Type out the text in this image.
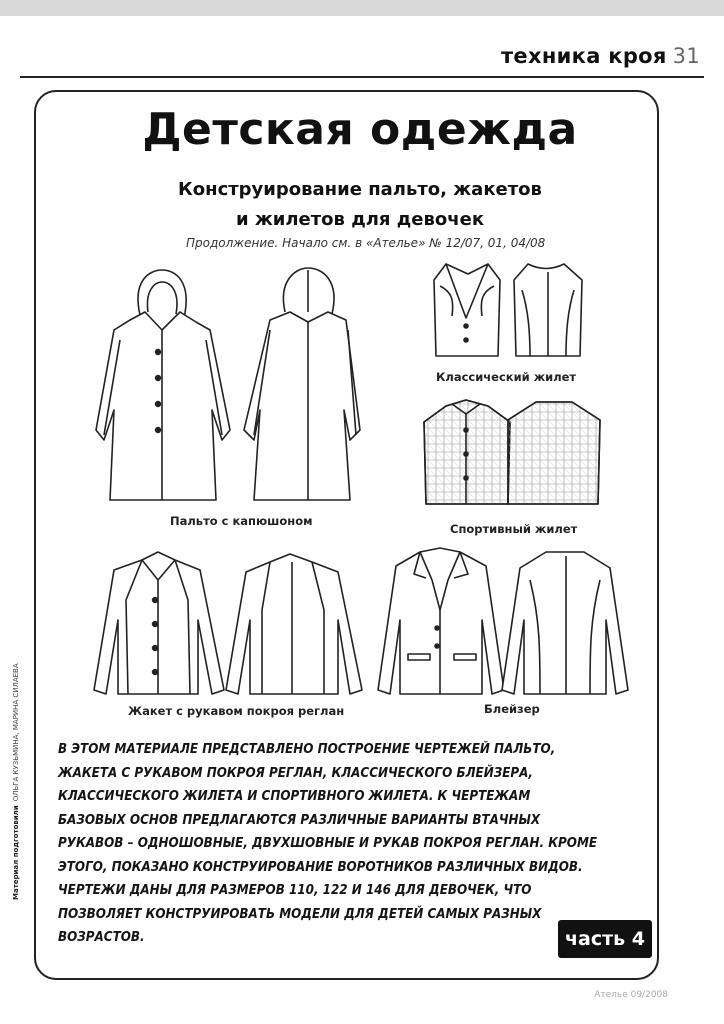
техника кроя 31
Детская одежда
Конструирование пальто, жакетов
и жилетов для девочек
Продолжение. Начало см. в «Ателье» № 12/07, 01, 04/08
Пальто с капюшоном
Классический жилет
Спортивный жилет
Жакет с рукавом покроя реглан	Блейзер
В ЭТОМ МАТЕРИАЛЕ ПРЕДСТАВЛЕНО ПОСТРОЕНИЕ ЧЕРТЕЖЕЙ ПАЛЬТО, ЖАКЕТА С РУКАВОМ ПОКРОЯ РЕГЛАН, КЛАССИЧЕСКОГО БЛЕЙЗЕРА, КЛАССИЧЕСКОГО ЖИЛЕТА И СПОРТИВНОГО ЖИЛЕТА. К ЧЕРТЕЖАМ БАЗОВЫХ ОСНОВ ПРЕДЛАГАЮТСЯ РАЗЛИЧНЫЕ ВАРИАНТЫ ВТАЧНЫХ РУКАВОВ – ОДНОШОВНЫЕ, ДВУХШОВНЫЕ И РУКАВ ПОКРОЯ РЕГЛАН. КРОМЕ ЭТОГО, ПОКАЗАНО КОНСТРУИРОВАНИЕ ВОРОТНИКОВ РАЗЛИЧНЫХ ВИДОВ. ЧЕРТЕЖИ ДАНЫ ДЛЯ РАЗМЕРОВ 110, 122 И 146 ДЛЯ ДЕВОЧЕК, ЧТО ПОЗВОЛЯЕТ КОНСТРУИРОВАТЬ МОДЕЛИ ДЛЯ ДЕТЕЙ САМЫХ РАЗНЫХ ВОЗРАСТОВ.	часть 4
Материал подготовилиОЛЬГА КУЗЬМИНА, МАРИНА СИЛАЕВА
Ателье 09/2008
